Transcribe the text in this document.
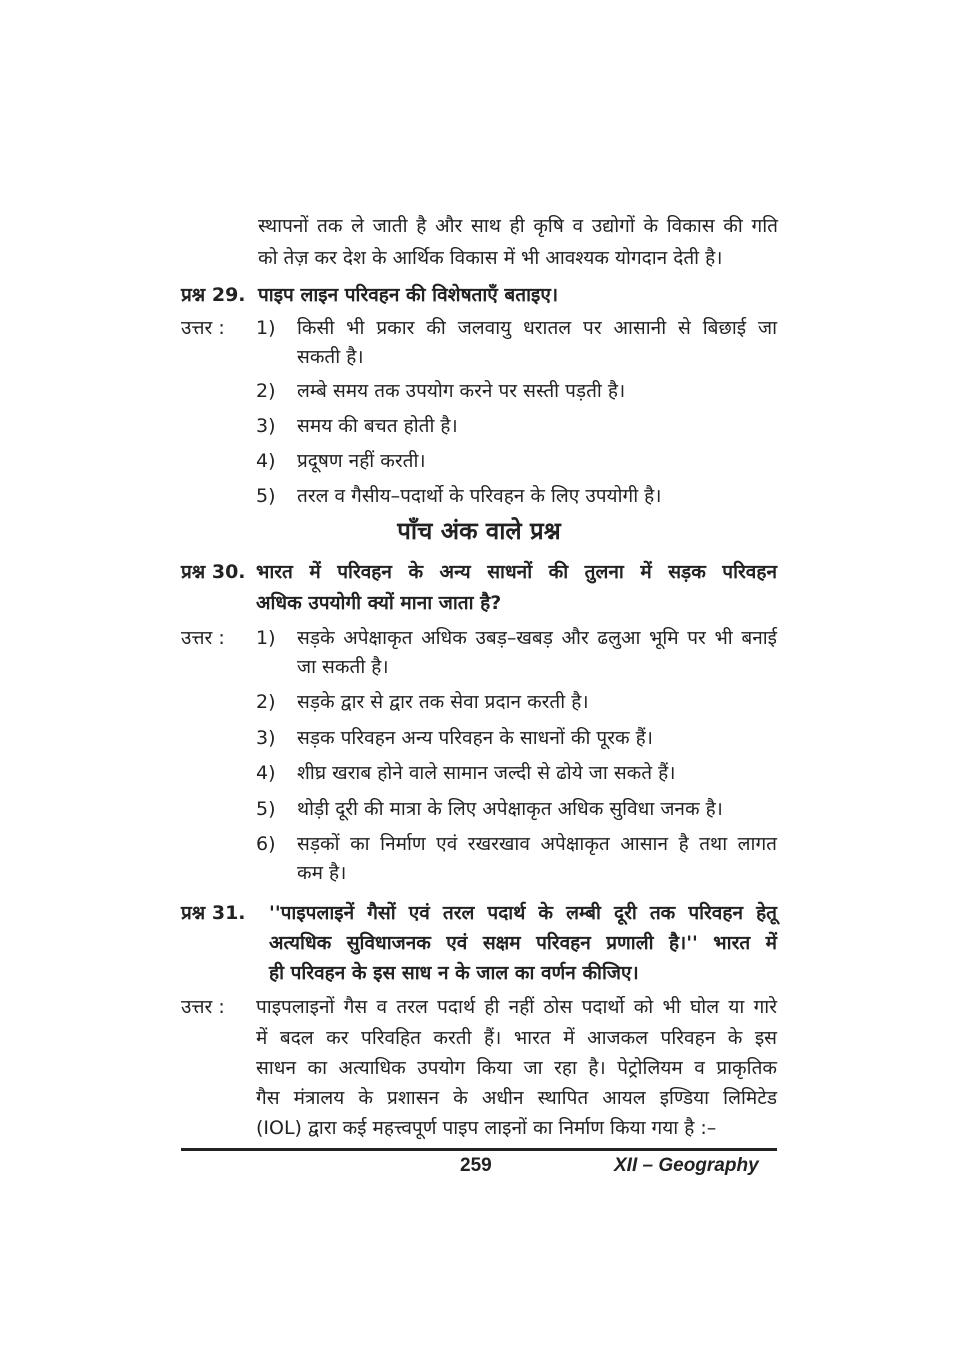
स्थापनों तक ले जाती है और साथ ही कृषि व उद्योगों के विकास की गति
को तेज़ कर देश के आर्थिक विकास में भी आवश्यक योगदान देती है।
प्रश्न 29. पाइप लाइन परिवहन की विशेषताएँ बताइए।
उत्तर : 1) किसी भी प्रकार की जलवायु धरातल पर आसानी से बिछाई जा
सकती है।
2) लम्बे समय तक उपयोग करने पर सस्ती पड़ती है।
3) समय की बचत होती है।
4) प्रदूषण नहीं करती।
5) तरल व गैसीय–पदार्थो के परिवहन के लिए उपयोगी है।
पाँच अंक वाले प्रश्न
प्रश्न 30. भारत में परिवहन के अन्य साधनों की तुलना में सड़क परिवहन
अधिक उपयोगी क्यों माना जाता है?
उत्तर : 1) सड़के अपेक्षाकृत अधिक उबड़–खबड़ और ढलुआ भूमि पर भी बनाई
जा सकती है।
2) सड़के द्वार से द्वार तक सेवा प्रदान करती है।
3) सड़क परिवहन अन्य परिवहन के साधनों की पूरक हैं।
4) शीघ्र खराब होने वाले सामान जल्दी से ढोये जा सकते हैं।
5) थोड़ी दूरी की मात्रा के लिए अपेक्षाकृत अधिक सुविधा जनक है।
6) सड़कों का निर्माण एवं रखरखाव अपेक्षाकृत आसान है तथा लागत
कम है।
प्रश्न 31. ''पाइपलाइनें गैसों एवं तरल पदार्थ के लम्बी दूरी तक परिवहन हेतू
अत्यधिक सुविधाजनक एवं सक्षम परिवहन प्रणाली है।'' भारत में
ही परिवहन के इस साध न के जाल का वर्णन कीजिए।
उत्तर : पाइपलाइनों गैस व तरल पदार्थ ही नहीं ठोस पदार्थो को भी घोल या गारे
में बदल कर परिवहित करती हैं। भारत में आजकल परिवहन के इस
साधन का अत्याधिक उपयोग किया जा रहा है। पेट्रोलियम व प्राकृतिक
गैस मंत्रालय के प्रशासन के अधीन स्थापित आयल इण्डिया लिमिटेड
(IOL) द्वारा कई महत्त्वपूर्ण पाइप लाइनों का निर्माण किया गया है :–
259	XII – Geography
